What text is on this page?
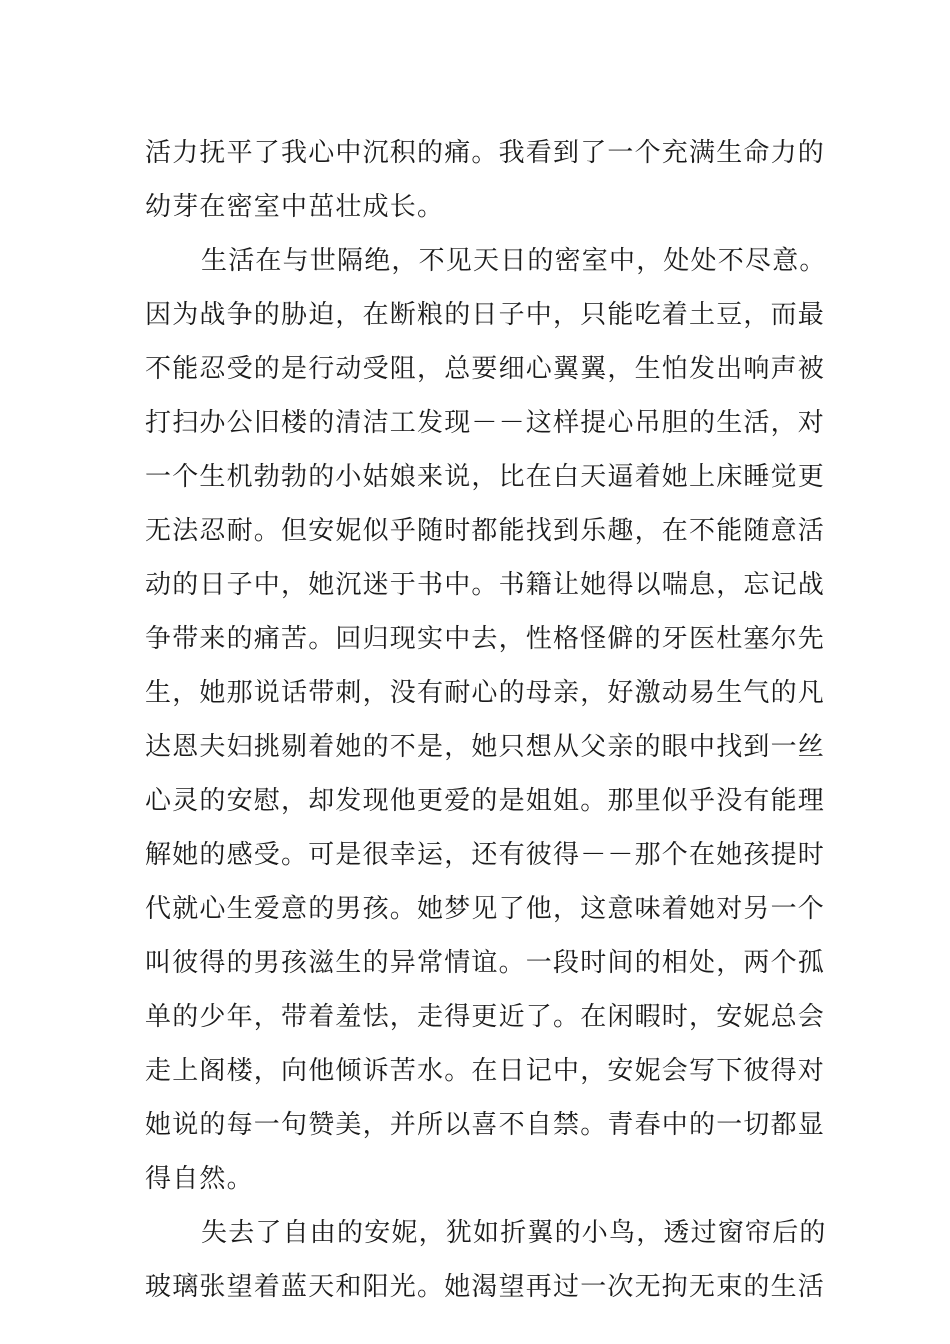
活力抚平了我心中沉积的痛。我看到了一个充满生命力的
幼芽在密室中茁壮成长。
生活在与世隔绝，不见天日的密室中，处处不尽意。
因为战争的胁迫，在断粮的日子中，只能吃着土豆，而最
不能忍受的是行动受阻，总要细心翼翼，生怕发出响声被
打扫办公旧楼的清洁工发现－－这样提心吊胆的生活，对
一个生机勃勃的小姑娘来说，比在白天逼着她上床睡觉更
无法忍耐。但安妮似乎随时都能找到乐趣，在不能随意活
动的日子中，她沉迷于书中。书籍让她得以喘息，忘记战
争带来的痛苦。回归现实中去，性格怪僻的牙医杜塞尔先
生，她那说话带刺，没有耐心的母亲，好激动易生气的凡
达恩夫妇挑剔着她的不是，她只想从父亲的眼中找到一丝
心灵的安慰，却发现他更爱的是姐姐。那里似乎没有能理
解她的感受。可是很幸运，还有彼得－－那个在她孩提时
代就心生爱意的男孩。她梦见了他，这意味着她对另一个
叫彼得的男孩滋生的异常情谊。一段时间的相处，两个孤
单的少年，带着羞怯，走得更近了。在闲暇时，安妮总会
走上阁楼，向他倾诉苦水。在日记中，安妮会写下彼得对
她说的每一句赞美，并所以喜不自禁。青春中的一切都显
得自然。
失去了自由的安妮，犹如折翼的小鸟，透过窗帘后的
玻璃张望着蓝天和阳光。她渴望再过一次无拘无束的生活
